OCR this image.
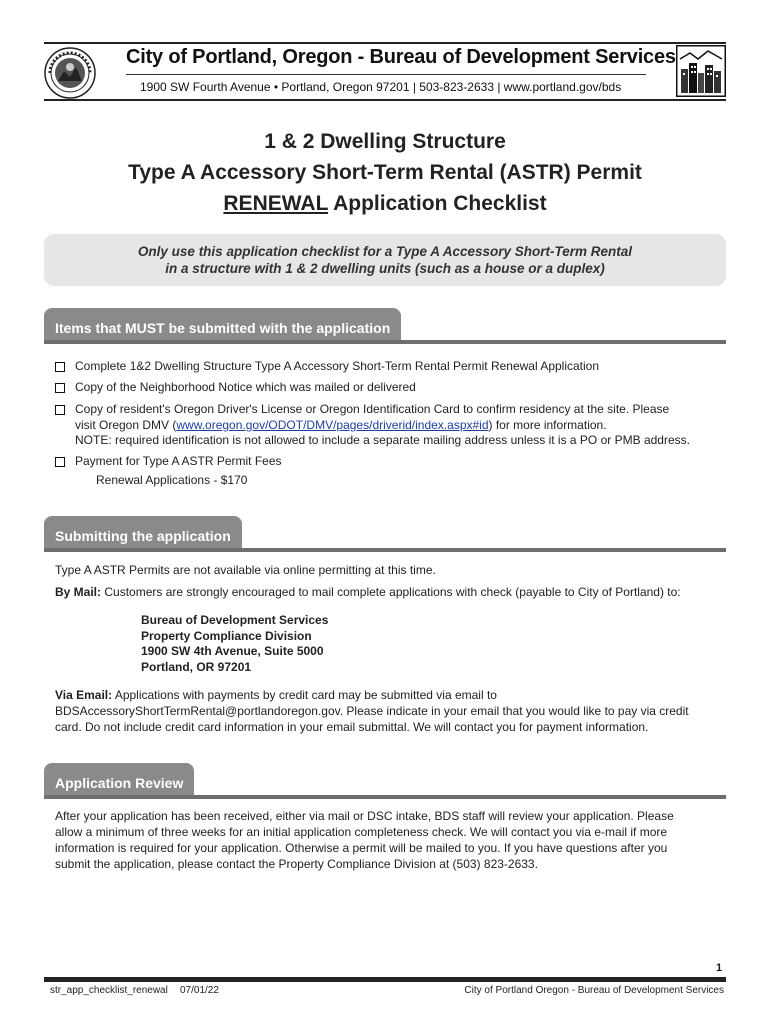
City of Portland, Oregon - Bureau of Development Services
1900 SW Fourth Avenue • Portland, Oregon 97201 | 503-823-2633 | www.portland.gov/bds
1 & 2 Dwelling Structure
Type A Accessory Short-Term Rental (ASTR) Permit
RENEWAL Application Checklist

Only use this application checklist for a Type A Accessory Short-Term Rental

in a structure with 1 & 2 dwelling units (such as a house or a duplex)

Items that MUST be submitted with the application
Complete 1&2 Dwelling Structure Type A Accessory Short-Term Rental Permit Renewal Application
Copy of the Neighborhood Notice which was mailed or delivered
Copy of resident's Oregon Driver's License or Oregon Identification Card to confirm residency at the site. Please
visit Oregon DMV (www.oregon.gov/ODOT/DMV/pages/driverid/index.aspx#id) for more information.
NOTE: required identification is not allowed to include a separate mailing address unless it is a PO or PMB address.
Payment for Type A ASTR Permit Fees
Renewal Applications - $170
Submitting the application
Type A ASTR Permits are not available via online permitting at this time.
By Mail: Customers are strongly encouraged to mail complete applications with check (payable to City of Portland) to:
Bureau of Development Services
Property Compliance Division
1900 SW 4th Avenue, Suite 5000
Portland, OR 97201
Via Email: Applications with payments by credit card may be submitted via email to
BDSAccessoryShortTermRental@portlandoregon.gov. Please indicate in your email that you would like to pay via credit
card. Do not include credit card information in your email submittal. We will contact you for payment information.
Application Review
After your application has been received, either via mail or DSC intake, BDS staff will review your application. Please
allow a minimum of three weeks for an initial application completeness check. We will contact you via e-mail if more
information is required for your application. Otherwise a permit will be mailed to you. If you have questions after you
submit the application, please contact the Property Compliance Division at (503) 823-2633.
1
str_app_checklist_renewal 07/01/22	City of Portland Oregon - Bureau of Development Services
